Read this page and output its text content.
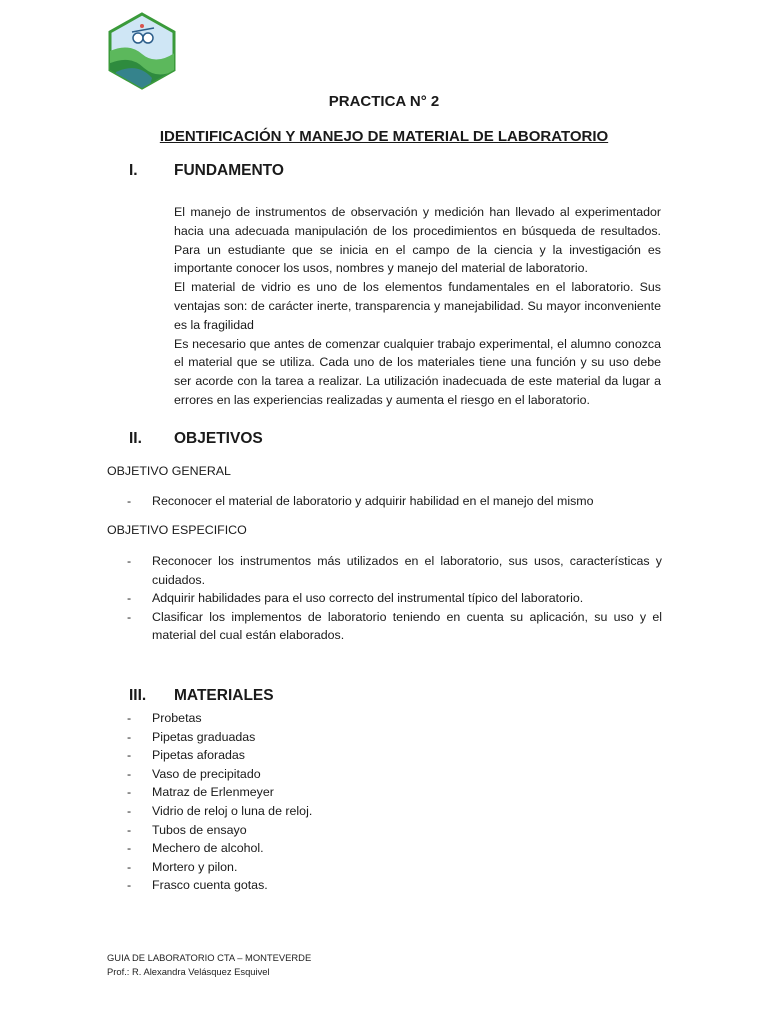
PRACTICA N° 2
IDENTIFICACIÓN Y MANEJO DE MATERIAL DE LABORATORIO
I. FUNDAMENTO

El manejo de instrumentos de observación y medición han llevado al experimentador hacia una adecuada manipulación de los procedimientos en búsqueda de resultados. Para un estudiante que se inicia en el campo de la ciencia y la investigación es importante conocer los usos, nombres y manejo del material de laboratorio.

El material de vidrio es uno de los elementos fundamentales en el laboratorio. Sus ventajas son: de carácter inerte, transparencia y manejabilidad. Su mayor inconveniente es la fragilidad

Es necesario que antes de comenzar cualquier trabajo experimental, el alumno conozca el material que se utiliza. Cada uno de los materiales tiene una función y su uso debe ser acorde con la tarea a realizar. La utilización inadecuada de este material da lugar a errores en las experiencias realizadas y aumenta el riesgo en el laboratorio.

II. OBJETIVOS
OBJETIVO GENERAL
- Reconocer el material de laboratorio y adquirir habilidad en el manejo del mismo
OBJETIVO ESPECIFICO
- Reconocer los instrumentos más utilizados en el laboratorio, sus usos, características y cuidados.
- Adquirir habilidades para el uso correcto del instrumental típico del laboratorio.
- Clasificar los implementos de laboratorio teniendo en cuenta su aplicación, su uso y el material del cual están elaborados.
III. MATERIALES
- Probetas
- Pipetas graduadas
- Pipetas aforadas
- Vaso de precipitado
- Matraz de Erlenmeyer
- Vidrio de reloj o luna de reloj.
- Tubos de ensayo
- Mechero de alcohol.
- Mortero y pilon.
- Frasco cuenta gotas.
GUIA DE LABORATORIO CTA – MONTEVERDE
Prof.: R. Alexandra Velásquez Esquivel
